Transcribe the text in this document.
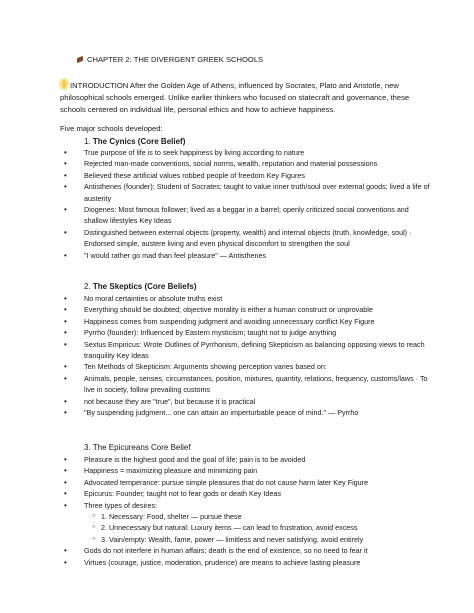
CHAPTER 2: THE DIVERGENT GREEK SCHOOLS
INTRODUCTION After the Golden Age of Athens, influenced by Socrates, Plato and Aristotle, new philosophical schools emerged. Unlike earlier thinkers who focused on statecraft and governance, these schools centered on individual life, personal ethics and how to achieve happiness.
Five major schools developed:
1. The Cynics (Core Belief)
• True purpose of life is to seek happiness by living according to nature
• Rejected man-made conventions, social norms, wealth, reputation and material possessions
• Believed these artificial values robbed people of freedom Key Figures
• Antisthenes (founder): Student of Socrates; taught to value inner truth/soul over external goods; lived a life of austerity
• Diogenes: Most famous follower; lived as a beggar in a barrel; openly criticized social conventions and shallow lifestyles Key Ideas
• Distinguished between external objects (property, wealth) and internal objects (truth, knowledge, soul) · Endorsed simple, austere living and even physical discomfort to strengthen the soul
• "I would rather go mad than feel pleasure" — Antisthenes
2. The Skeptics (Core Beliefs)
• No moral certainties or absolute truths exist
• Everything should be doubted; objective morality is either a human construct or unprovable
• Happiness comes from suspending judgment and avoiding unnecessary conflict Key Figure
• Pyrrho (founder): Influenced by Eastern mysticism; taught not to judge anything
• Sextus Empiricus: Wrote Outlines of Pyrrhonism, defining Skepticism as balancing opposing views to reach tranquility Key Ideas
• Ten Methods of Skepticism: Arguments showing perception varies based on:
• Animals, people, senses, circumstances, position, mixtures, quantity, relations, frequency, customs/laws · To live in society, follow prevailing customs
• not because they are "true", but because it is practical
• "By suspending judgment... one can attain an imperturbable peace of mind." — Pyrrho
3. The Epicureans Core Belief
• Pleasure is the highest good and the goal of life; pain is to be avoided
• Happiness = maximizing pleasure and minimizing pain
• Advocated temperance: pursue simple pleasures that do not cause harm later Key Figure
• Epicurus: Founder; taught not to fear gods or death Key Ideas
• Three types of desires:
○ 1. Necessary: Food, shelter — pursue these
○ 2. Unnecessary but natural: Luxury items — can lead to frustration, avoid excess
○ 3. Vain/empty: Wealth, fame, power — limitless and never satisfying, avoid entirely
• Gods do not interfere in human affairs; death is the end of existence, so no need to fear it
• Virtues (courage, justice, moderation, prudence) are means to achieve lasting pleasure
